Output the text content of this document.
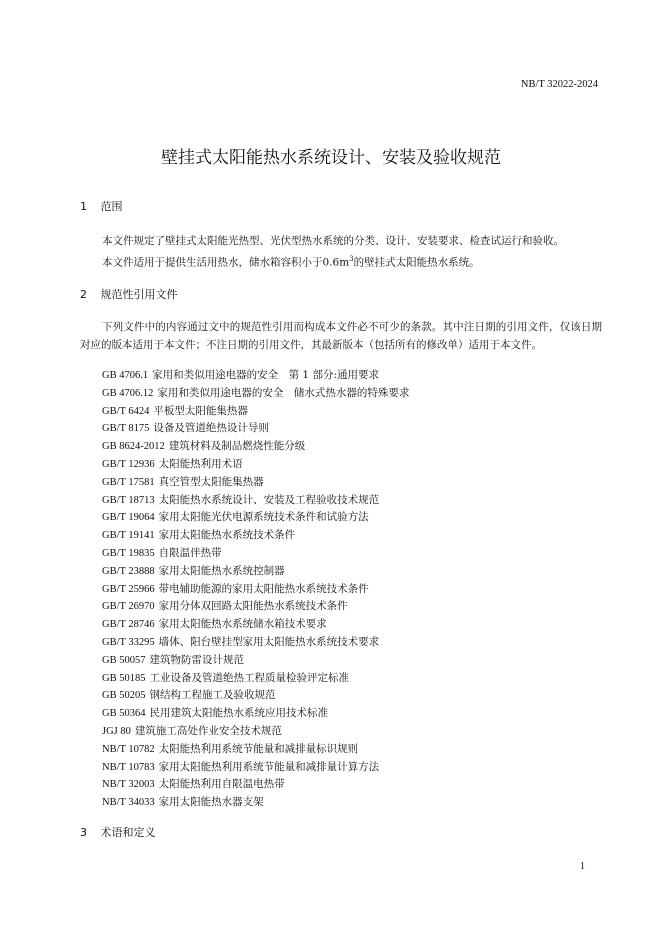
NB/T 32022-2024
壁挂式太阳能热水系统设计、安装及验收规范
1 范围
本文件规定了壁挂式太阳能光热型、光伏型热水系统的分类、设计、安装要求、检查试运行和验收。
本文件适用于提供生活用热水，储水箱容积小于$0.6m^3$的壁挂式太阳能热水系统。
2 规范性引用文件
下列文件中的内容通过文中的规范性引用而构成本文件必不可少的条款。其中注日期的引用文件，仅该日期对应的版本适用于本文件；不注日期的引用文件，其最新版本（包括所有的修改单）适用于本文件。
GB 4706.1 家用和类似用途电器的安全　第 1 部分:通用要求
GB 4706.12 家用和类似用途电器的安全　储水式热水器的特殊要求
GB/T 6424 平板型太阳能集热器
GB/T 8175 设备及管道绝热设计导则
GB 8624-2012 建筑材料及制品燃烧性能分级
GB/T 12936 太阳能热利用术语
GB/T 17581 真空管型太阳能集热器
GB/T 18713 太阳能热水系统设计、安装及工程验收技术规范
GB/T 19064 家用太阳能光伏电源系统技术条件和试验方法
GB/T 19141 家用太阳能热水系统技术条件
GB/T 19835 自限温伴热带
GB/T 23888 家用太阳能热水系统控制器
GB/T 25966 带电辅助能源的家用太阳能热水系统技术条件
GB/T 26970 家用分体双回路太阳能热水系统技术条件
GB/T 28746 家用太阳能热水系统储水箱技术要求
GB/T 33295 墙体、阳台壁挂型家用太阳能热水系统技术要求
GB 50057 建筑物防雷设计规范
GB 50185 工业设备及管道绝热工程质量检验评定标准
GB 50205 钢结构工程施工及验收规范
GB 50364 民用建筑太阳能热水系统应用技术标准
JGJ 80 建筑施工高处作业安全技术规范
NB/T 10782 太阳能热利用系统节能量和减排量标识规则
NB/T 10783 家用太阳能热利用系统节能量和减排量计算方法
NB/T 32003 太阳能热利用自限温电热带
NB/T 34033 家用太阳能热水器支架
3 术语和定义
1
